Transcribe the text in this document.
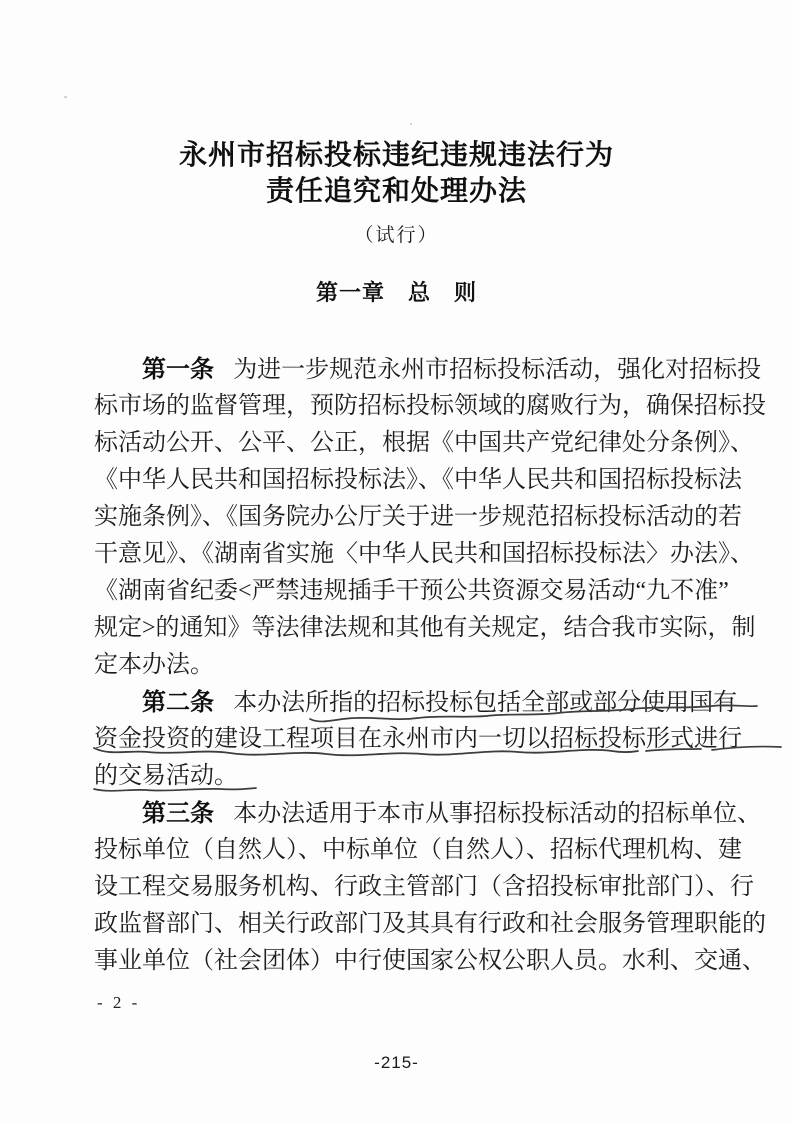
永州市招标投标违纪违规违法行为
责任追究和处理办法
（试行）
第一章　总　则
第一条 为进一步规范永州市招标投标活动，强化对招标投
标市场的监督管理，预防招标投标领域的腐败行为，确保招标投
标活动公开、公平、公正，根据《中国共产党纪律处分条例》、
《中华人民共和国招标投标法》、《中华人民共和国招标投标法
实施条例》、《国务院办公厅关于进一步规范招标投标活动的若
干意见》、《湖南省实施〈中华人民共和国招标投标法〉办法》、
《湖南省纪委<严禁违规插手干预公共资源交易活动“九不准”
规定>的通知》等法律法规和其他有关规定，结合我市实际，制
定本办法。
第二条 本办法所指的招标投标包括全部或部分使用国有
资金投资的建设工程项目在永州市内一切以招标投标形式进行
的交易活动。
第三条 本办法适用于本市从事招标投标活动的招标单位、
投标单位（自然人）、中标单位（自然人）、招标代理机构、建
设工程交易服务机构、行政主管部门（含招投标审批部门）、行
政监督部门、相关行政部门及其具有行政和社会服务管理职能的
事业单位（社会团体）中行使国家公权公职人员。水利、交通、
- 2 -
-215-
